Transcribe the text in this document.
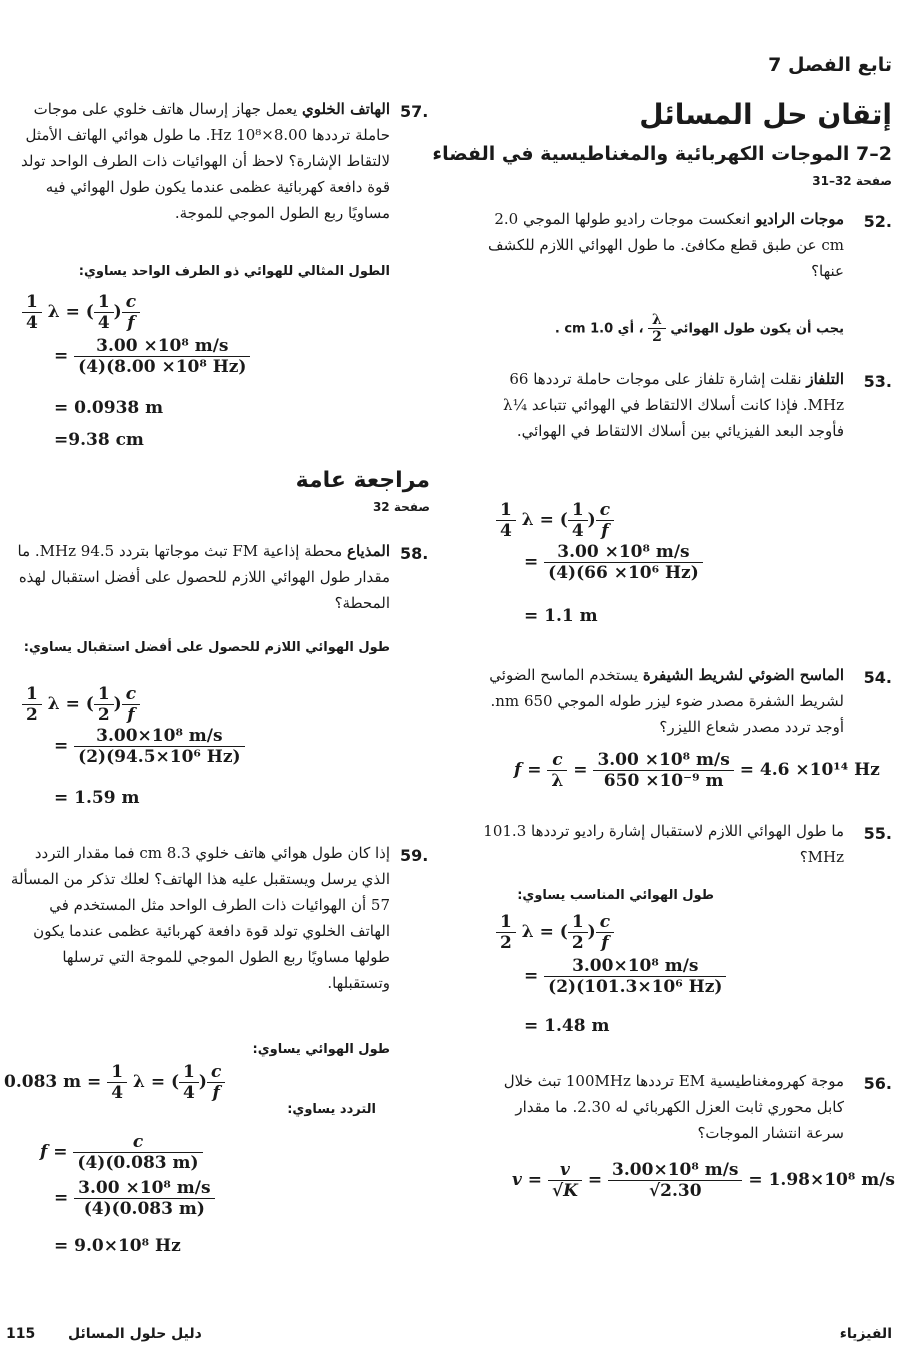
تابع الفصل 7
إتقان حل المسائل
2–7 الموجات الكهربائية والمغناطيسية في الفضاء
صفحة 32–31
.52
موجات الراديو انعكست موجات راديو طولها الموجي 2.0 cm عن طبق قطع مكافئ. ما طول الهوائي اللازم للكشف عنها؟
يجب أن يكون طول الهوائي
$\frac{\lambda}{2}$
، أي 1.0 cm .
.53
التلفاز نقلت إشارة تلفاز على موجات حاملة ترددها 66 MHz. فإذا كانت أسلاك الالتقاط في الهوائي تتباعد ¼λ فأوجد البعد الفيزيائي بين أسلاك الالتقاط في الهوائي.
$\frac{1}{4}$ λ = ( $\frac{1}{4}$ ) $\frac{c}{f}$
= $\frac{\text{3.00 ×10⁸ m/s}}{\text{(4)(66 ×10⁶ Hz)}}$
= 1.1 m
.54
الماسح الضوئي لشريط الشيفرة يستخدم الماسح الضوئي لشريط الشفرة مصدر ضوء ليزر طوله الموجي 650 nm. أوجد تردد مصدر شعاع الليزر؟
$f = \frac{c}{\lambda} = \frac{\text{3.00 ×10⁸ m/s}}{\text{650 ×10⁻⁹ m}} = 4.6 \times 10^{14}$ Hz
.55
ما طول الهوائي اللازم لاستقبال إشارة راديو ترددها 101.3 MHz؟
طول الهوائي المناسب يساوي:
$\frac{1}{2}$ λ = ( $\frac{1}{2}$ ) $\frac{c}{f}$
= $\frac{\text{3.00×10⁸ m/s}}{\text{(2)(101.3×10⁶ Hz)}}$
= 1.48 m
.56
موجة كهرومغناطيسية EM ترددها 100MHz تبث خلال كابل محوري ثابت العزل الكهربائي له 2.30. ما مقدار سرعة انتشار الموجات؟
$v = \frac{v}{√K} = \frac{\text{3.00×10⁸ m/s}}{√2.30} = 1.98\times 10^8$ m/s
.57
الهاتف الخلوي يعمل جهاز إرسال هاتف خلوي على موجات حاملة ترددها 8.00×10⁸ Hz. ما طول هوائي الهاتف الأمثل لالتقاط الإشارة؟ لاحظ أن الهوائيات ذات الطرف الواحد تولد قوة دافعة كهربائية عظمى عندما يكون طول الهوائي فيه مساويًا ربع الطول الموجي للموجة.
الطول المثالي للهوائي ذو الطرف الواحد يساوي:
$\frac{1}{4}$ λ = ( $\frac{1}{4}$ ) $\frac{c}{f}$
= $\frac{\text{3.00 ×10⁸ m/s}}{\text{(4)(8.00 ×10⁸ Hz)}}$
= 0.0938 m
=9.38 cm
مراجعة عامة
صفحة 32
.58
المذياع محطة إذاعية FM تبث موجاتها بتردد 94.5 MHz. ما مقدار طول الهوائي اللازم للحصول على أفضل استقبال لهذه المحطة؟
طول الهوائي اللازم للحصول على أفضل استقبال يساوي:
$\frac{1}{2}$ λ = ( $\frac{1}{2}$ ) $\frac{c}{f}$
= $\frac{\text{3.00×10⁸ m/s}}{\text{(2)(94.5×10⁶ Hz)}}$
= 1.59 m
.59
إذا كان طول هوائي هاتف خلوي 8.3 cm فما مقدار التردد الذي يرسل ويستقبل عليه هذا الهاتف؟ لعلك تذكر من المسألة 57 أن الهوائيات ذات الطرف الواحد مثل المستخدم في الهاتف الخلوي تولد قوة دافعة كهربائية عظمى عندما يكون طولها مساويًا ربع الطول الموجي للموجة التي ترسلها وتستقبلها.
طول الهوائي يساوي:
0.083 $m = \frac{1}{4}$ λ = ( $\frac{1}{4}$ ) $\frac{c}{f}$
التردد يساوي:
$f = \frac{c}{(4)(0.083 m)}$
= $\frac{\text{3.00 ×10⁸ m/s}}{(4)(0.083 m)}$
= 9.0×10⁸ Hz
الفيزياء
دليل حلول المسائل
115
